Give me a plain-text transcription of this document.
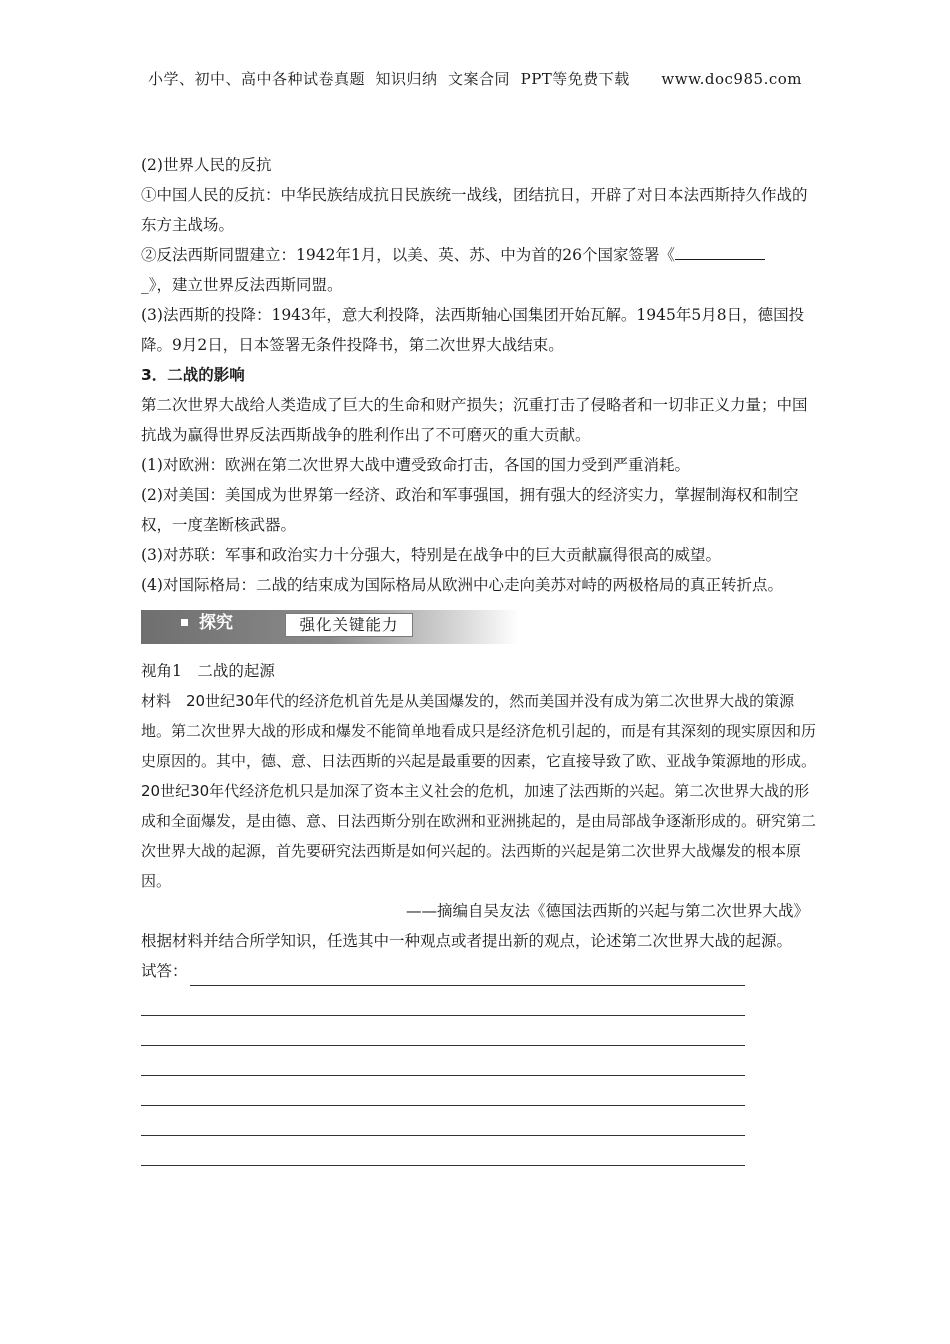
小学、初中、高中各种试卷真题  知识归纳  文案合同  PPT等免费下载      www.doc985.com

(2)世界人民的反抗

①中国人民的反抗：中华民族结成抗日民族统一战线，团结抗日，开辟了对日本法西斯持久作战的东方主战场。

②反法西斯同盟建立：1942年1月，以美、英、苏、中为首的26个国家签署《
_》，建立世界反法西斯同盟。

(3)法西斯的投降：1943年，意大利投降，法西斯轴心国集团开始瓦解。1945年5月8日，德国投降。9月2日，日本签署无条件投降书，第二次世界大战结束。

3．二战的影响

第二次世界大战给人类造成了巨大的生命和财产损失；沉重打击了侵略者和一切非正义力量；中国抗战为赢得世界反法西斯战争的胜利作出了不可磨灭的重大贡献。

(1)对欧洲：欧洲在第二次世界大战中遭受致命打击，各国的国力受到严重消耗。

(2)对美国：美国成为世界第一经济、政治和军事强国，拥有强大的经济实力，掌握制海权和制空权，一度垄断核武器。

(3)对苏联：军事和政治实力十分强大，特别是在战争中的巨大贡献赢得很高的威望。

(4)对国际格局：二战的结束成为国际格局从欧洲中心走向美苏对峙的两极格局的真正转折点。

探究	强化关键能力

视角1　二战的起源

材料　20世纪30年代的经济危机首先是从美国爆发的，然而美国并没有成为第二次世界大战的策源地。第二次世界大战的形成和爆发不能简单地看成只是经济危机引起的，而是有其深刻的现实原因和历史原因的。其中，德、意、日法西斯的兴起是最重要的因素，它直接导致了欧、亚战争策源地的形成。20世纪30年代经济危机只是加深了资本主义社会的危机，加速了法西斯的兴起。第二次世界大战的形成和全面爆发，是由德、意、日法西斯分别在欧洲和亚洲挑起的，是由局部战争逐渐形成的。研究第二次世界大战的起源，首先要研究法西斯是如何兴起的。法西斯的兴起是第二次世界大战爆发的根本原因。

——摘编自吴友法《德国法西斯的兴起与第二次世界大战》

根据材料并结合所学知识，任选其中一种观点或者提出新的观点，论述第二次世界大战的起源。

试答：
